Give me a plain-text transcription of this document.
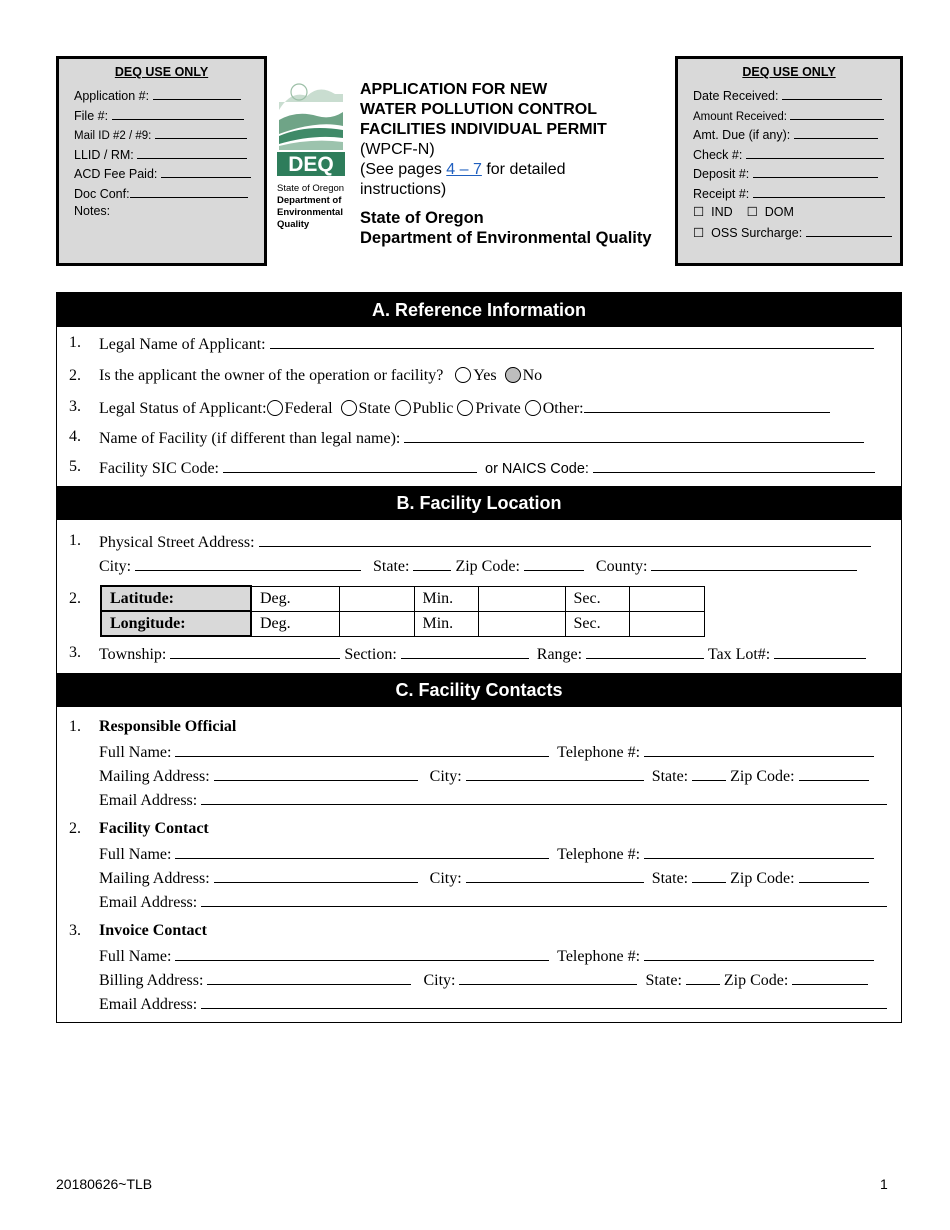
DEQ USE ONLY
Application #:
File #:
Mail ID #2 / #9:
LLID / RM:
ACD Fee Paid:
Doc Conf:
Notes:
DEQ
State of Oregon
Department of
Environmental
Quality
APPLICATION FOR NEW
WATER POLLUTION CONTROL
FACILITIES INDIVIDUAL PERMIT
(WPCF-N)
(See pages 4 – 7 for detailed
instructions)
State of Oregon
Department of Environmental Quality
DEQ USE ONLY
Date Received:
Amount Received:
Amt. Due (if any):
Check #:
Deposit #:
Receipt #:
☐ IND ☐ DOM
☐ OSS Surcharge:
A. Reference Information
1. Legal Name of Applicant:
2. Is the applicant the owner of the operation or facility? Yes No
3. Legal Status of Applicant: Federal State Public Private Other:
4. Name of Facility (if different than legal name):
5. Facility SIC Code:	or NAICS Code:
B. Facility Location
1. Physical Street Address:
City:	State:	Zip Code:	County:
2. Latitude:	Deg.		Min.		Sec.	
Longitude:	Deg.		Min.		Sec.	
3. Township:	Section:	Range:	Tax Lot#:
C. Facility Contacts
1. Responsible Official
Full Name:	Telephone #:
Mailing Address:	City:	State:	Zip Code:
Email Address:
2. Facility Contact
Full Name:	Telephone #:
Mailing Address:	City:	State:	Zip Code:
Email Address:
3. Invoice Contact
Full Name:	Telephone #:
Billing Address:	City:	State:	Zip Code:
Email Address:
20180626~TLB	1
